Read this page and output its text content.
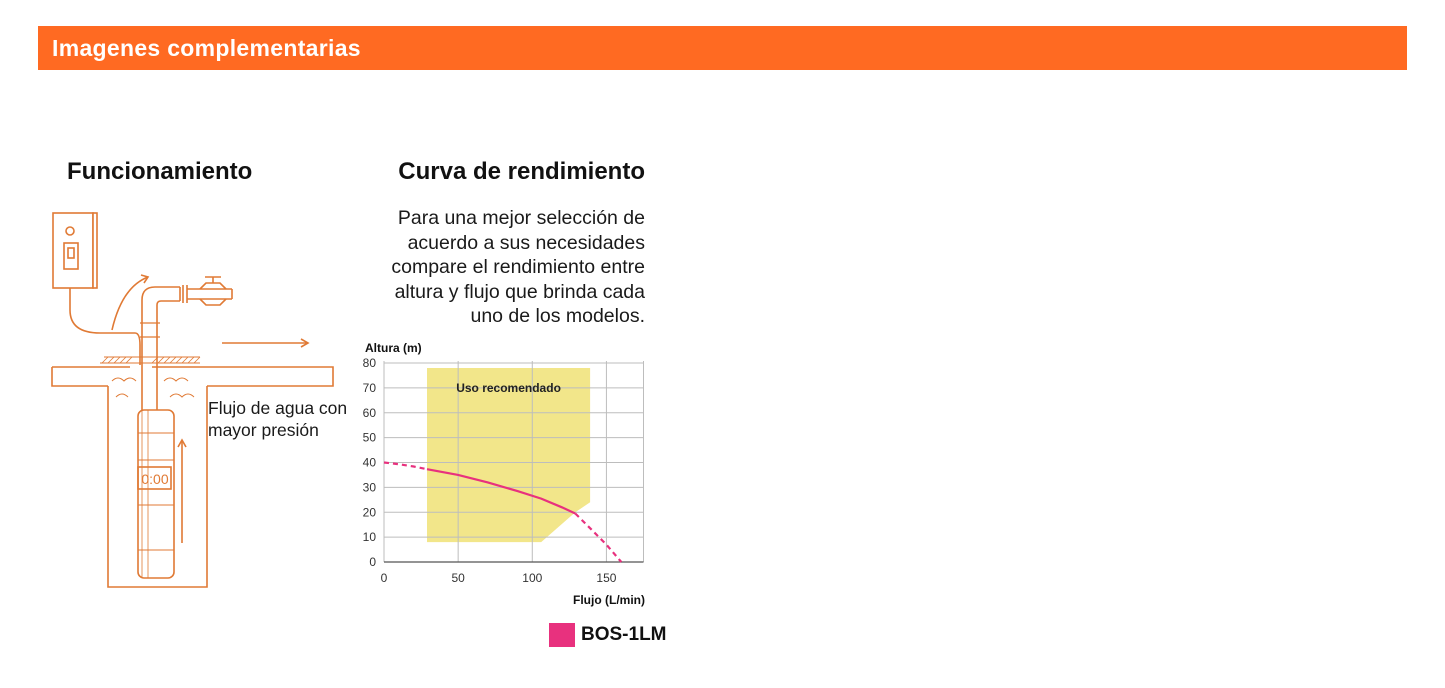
Imagenes complementarias
Funcionamiento
0:00
Flujo de agua con
mayor presión
Curva de rendimiento
Para una mejor selección de
acuerdo a sus necesidades
compare el rendimiento entre
altura y flujo que brinda cada
uno de los modelos.
0
10
20
30
40
50
60
70
80
0	50	100	150
Altura (m)
Flujo (L/min)
Uso recomendado
BOS-1LM
